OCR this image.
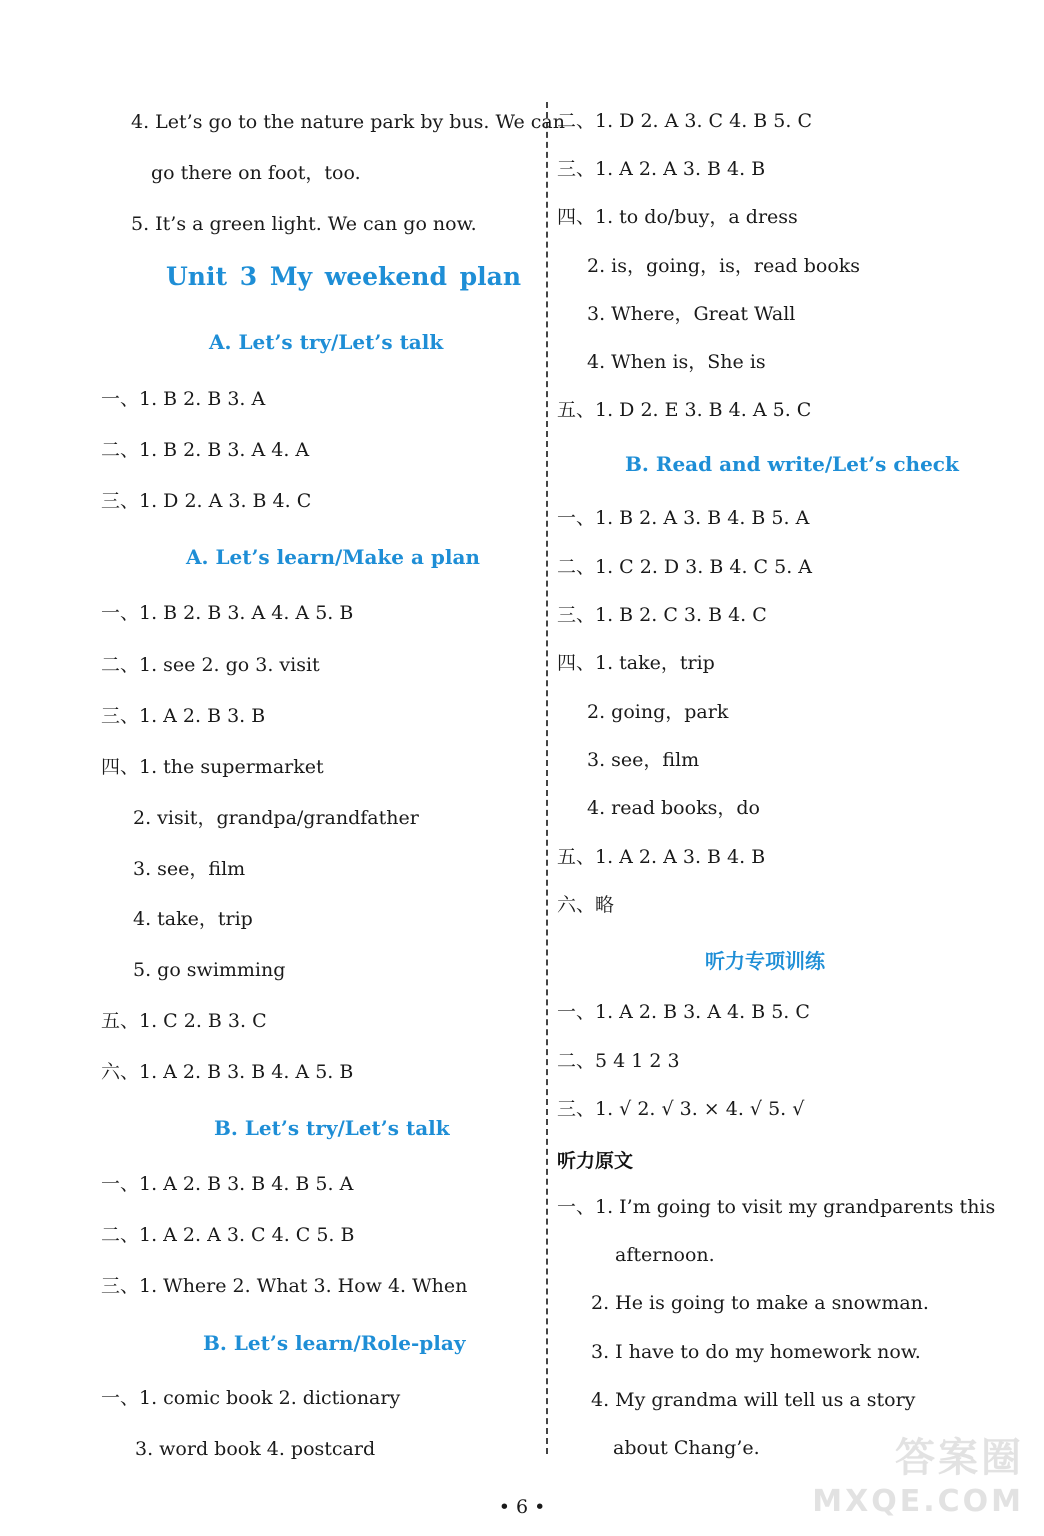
4. Let’s go to the nature park by bus. We can
go there on foot，too.
5. It’s a green light. We can go now.
Unit 3 My weekend plan
A. Let’s try/Let’s talk
一、1. B 2. B 3. A
二、1. B 2. B 3. A 4. A
三、1. D 2. A 3. B 4. C
A. Let’s learn/Make a plan
一、1. B 2. B 3. A 4. A 5. B
二、1. see 2. go 3. visit
三、1. A 2. B 3. B
四、1. the supermarket
2. visit，grandpa/grandfather
3. see，film
4. take，trip
5. go swimming
五、1. C 2. B 3. C
六、1. A 2. B 3. B 4. A 5. B
B. Let’s try/Let’s talk
一、1. A 2. B 3. B 4. B 5. A
二、1. A 2. A 3. C 4. C 5. B
三、1. Where 2. What 3. How 4. When
B. Let’s learn/Role-play
一、1. comic book 2. dictionary
3. word book 4. postcard
二、1. D 2. A 3. C 4. B 5. C
三、1. A 2. A 3. B 4. B
四、1. to do/buy，a dress
2. is，going，is，read books
3. Where，Great Wall
4. When is，She is
五、1. D 2. E 3. B 4. A 5. C
B. Read and write/Let’s check
一、1. B 2. A 3. B 4. B 5. A
二、1. C 2. D 3. B 4. C 5. A
三、1. B 2. C 3. B 4. C
四、1. take，trip
2. going，park
3. see，film
4. read books，do
五、1. A 2. A 3. B 4. B
六、略
听力专项训练
一、1. A 2. B 3. A 4. B 5. C
二、5 4 1 2 3
三、1. √ 2. √ 3. × 4. √ 5. √
听力原文
一、1. I’m going to visit my grandparents this
afternoon.
2. He is going to make a snowman.
3. I have to do my homework now.
4. My grandma will tell us a story
about Chang’e.
• 6 •
答案圈
MXQE.COM
